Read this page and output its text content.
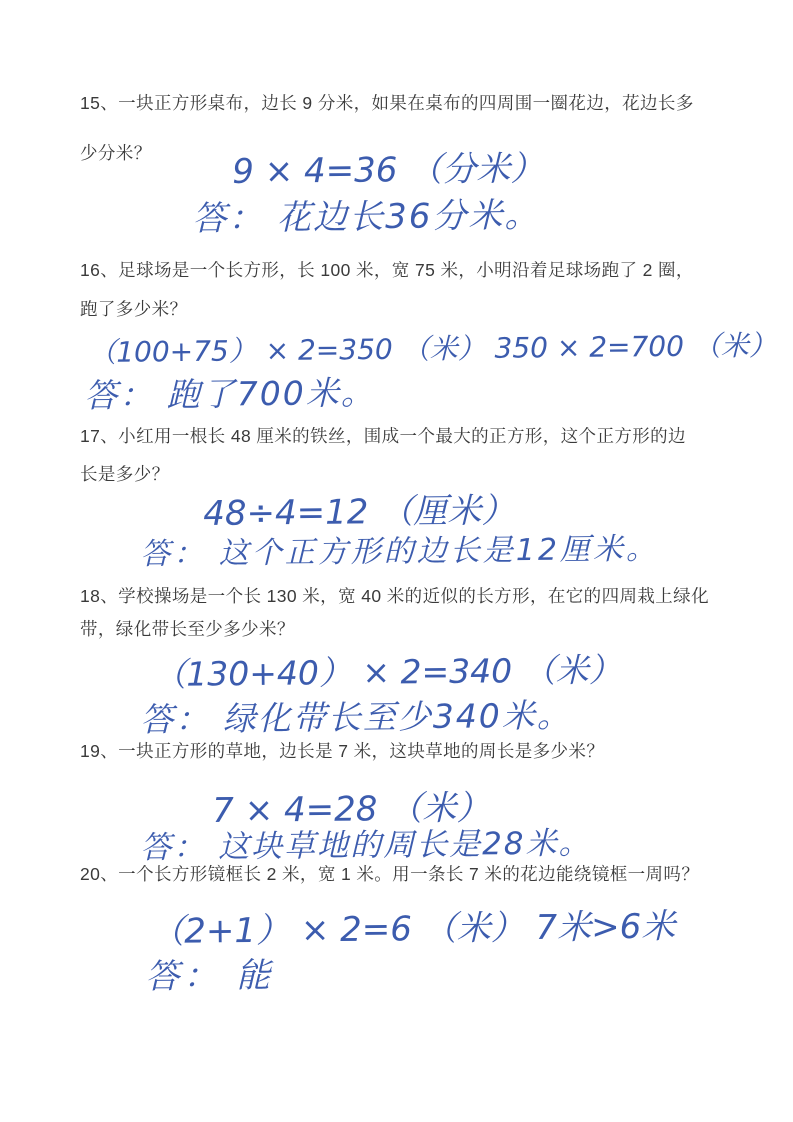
15、一块正方形桌布，边长 9 分米，如果在桌布的四周围一圈花边，花边长多
少分米？ 9 × 4=36 （分米）
答： 花边长36分米。
16、足球场是一个长方形，长 100 米，宽 75 米，小明沿着足球场跑了 2 圈，
跑了多少米？
（100+75） × 2=350 （米） 350 × 2=700 （米）
答： 跑了700米。
17、小红用一根长 48 厘米的铁丝，围成一个最大的正方形，这个正方形的边
长是多少？
48÷4=12 （厘米）
答： 这个正方形的边长是12厘米。
18、学校操场是一个长 130 米，宽 40 米的近似的长方形，在它的四周栽上绿化
带，绿化带长至少多少米？
（130+40） × 2=340 （米）
答： 绿化带长至少340米。
19、一块正方形的草地，边长是 7 米，这块草地的周长是多少米？
7 × 4=28 （米）
答： 这块草地的周长是28米。
20、一个长方形镜框长 2 米，宽 1 米。用一条长 7 米的花边能绕镜框一周吗？
（2+1） × 2=6 （米） 7米>6米
答： 能
